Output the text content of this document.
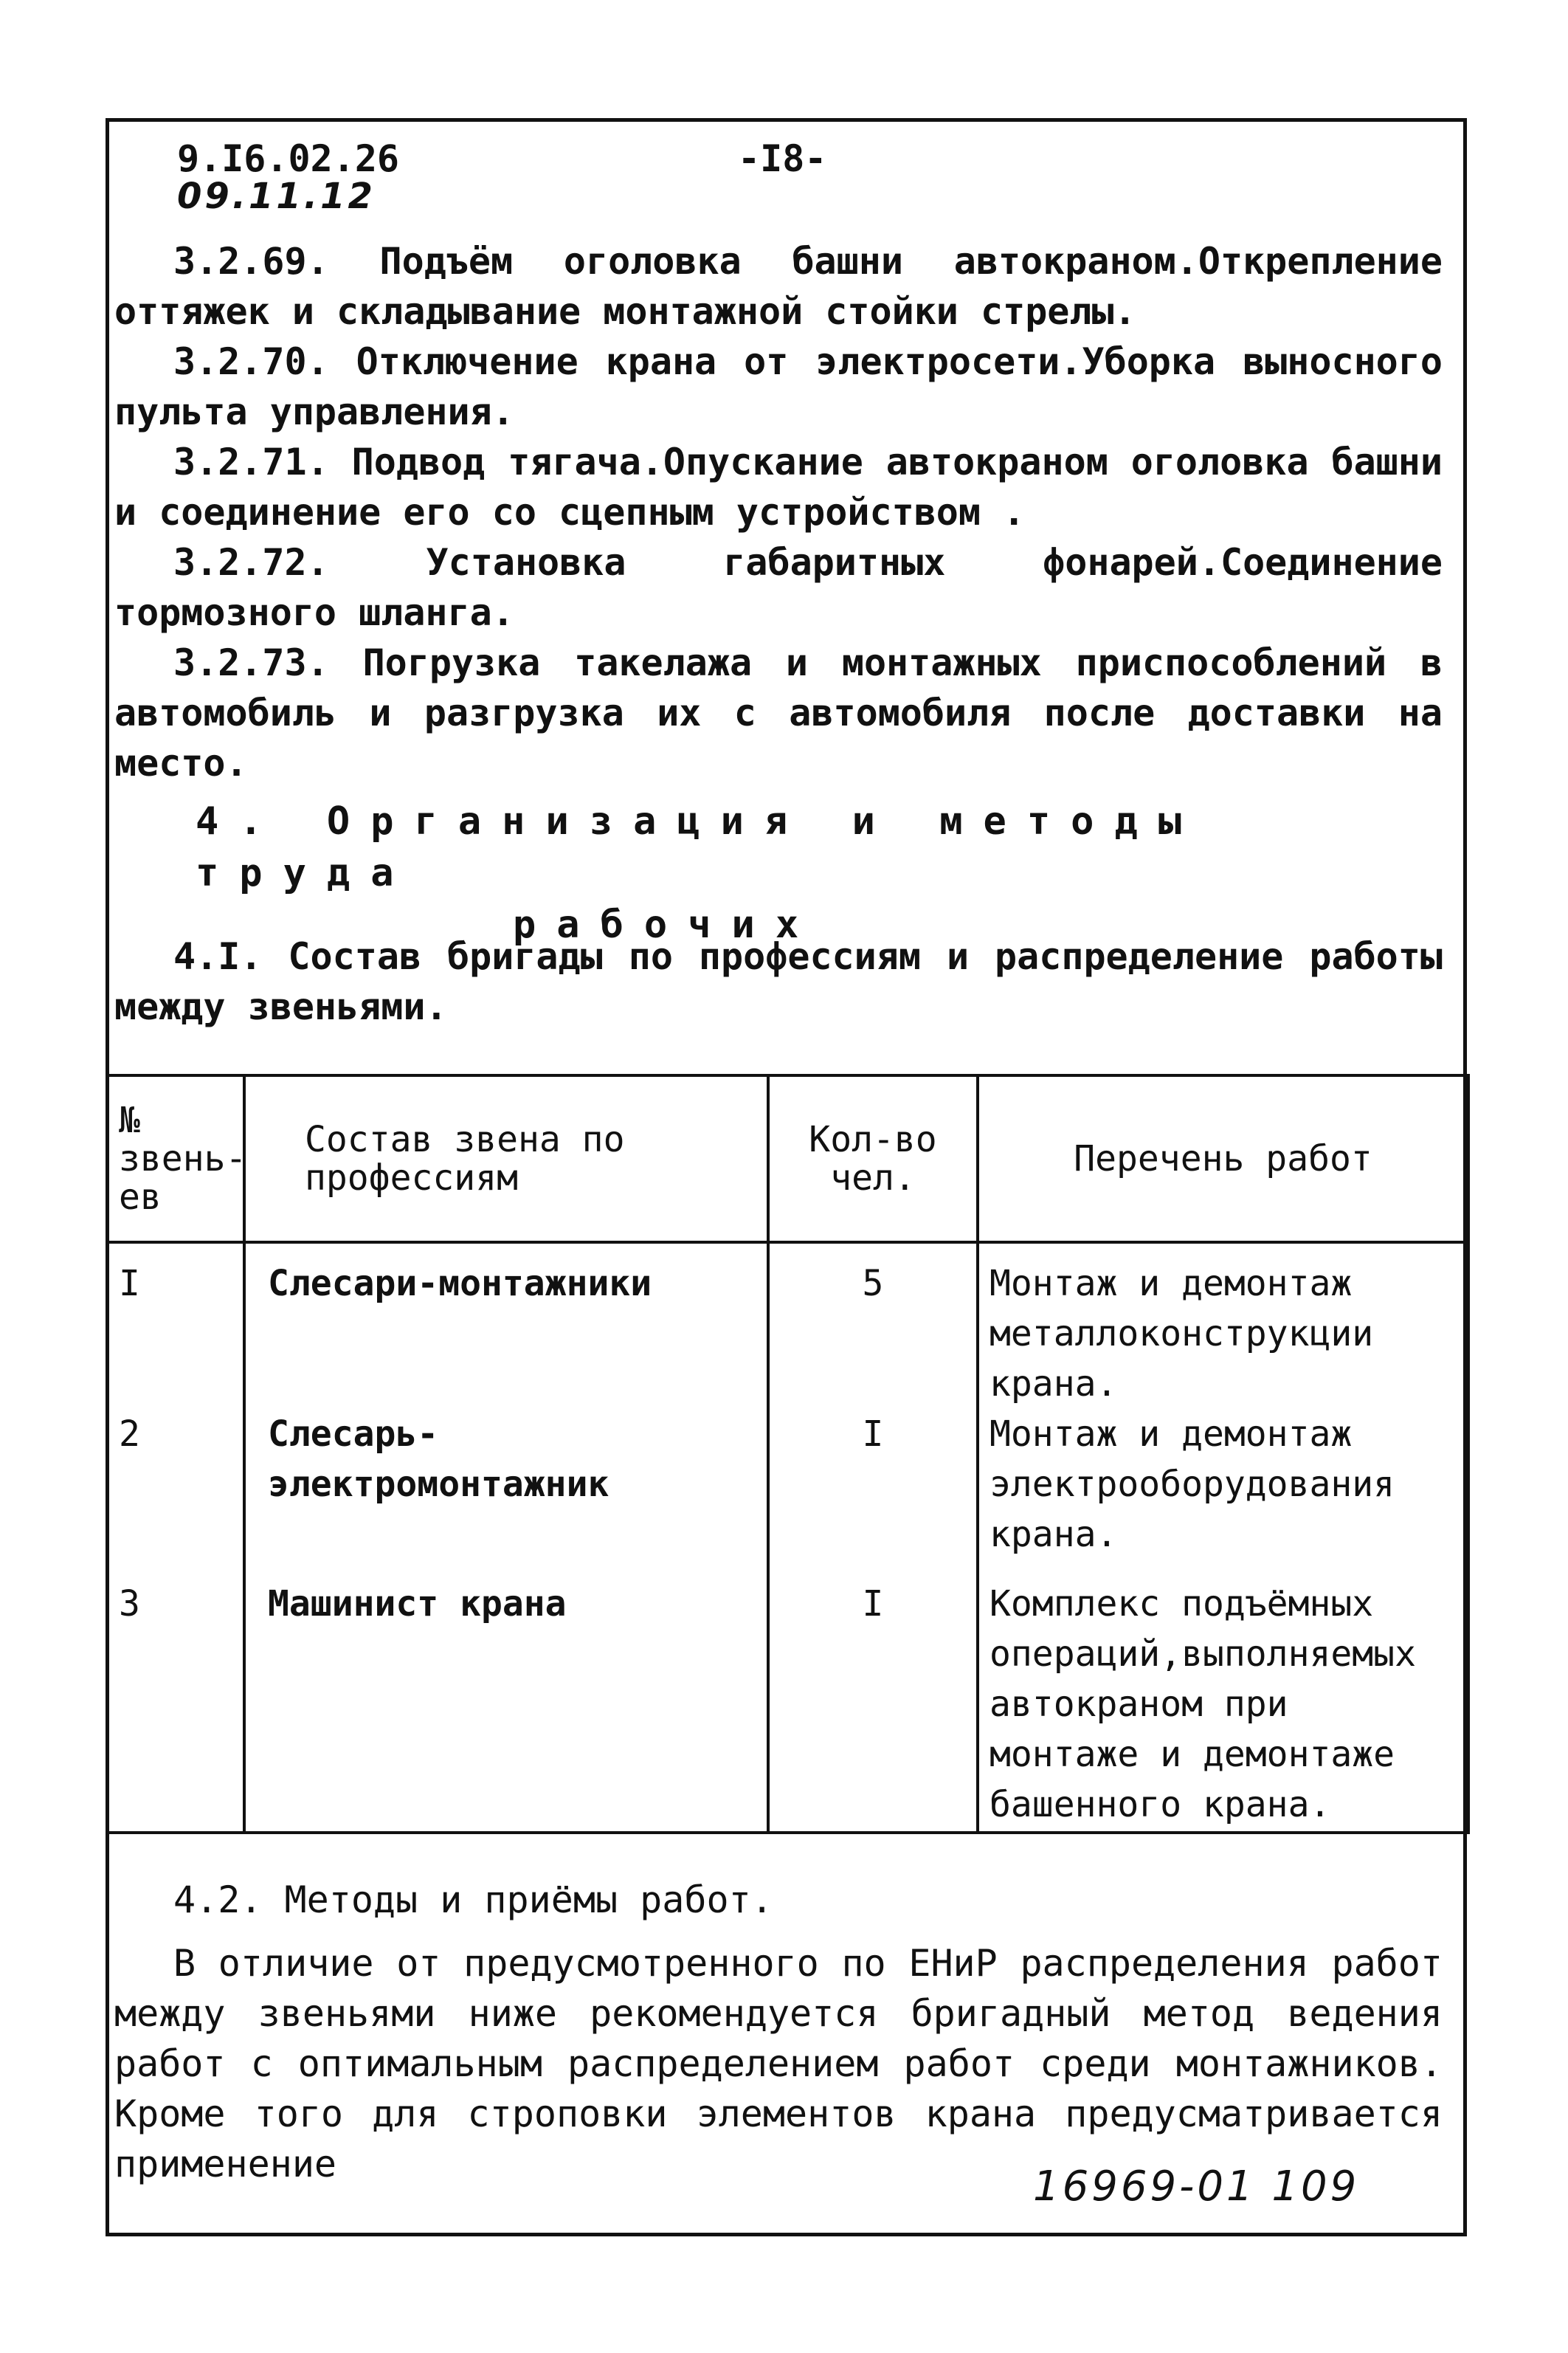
9.I6.02.26	-I8-
09.11.12

3.2.69. Подъём оголовка башни автокраном.Открепление оттяжек и складывание монтажной стойки стрелы.

3.2.70. Отключение крана от электросети.Уборка выносного пульта управления.

3.2.71. Подвод тягача.Опускание автокраном оголовка башни и соединение его со сцепным устройством .

3.2.72. Установка габаритных фонарей.Соединение тормозного шланга.

3.2.73. Погрузка такелажа и монтажных приспособлений в автомобиль и разгрузка их с автомобиля после доставки на место.

4. Организация и методы труда
рабочих

4.I. Состав бригады по профессиям и распределение работы между звеньями.

№ звень-ев	Состав звена по профессиям	Кол-во чел.	Перечень работ
I	Слесари-монтажники	5	Монтаж и демонтаж металлоконструкции крана.
2	Слесарь-электромонтажник	I	Монтаж и демонтаж электрооборудования крана.
3	Машинист крана	I	Комплекс подъёмных операций,выполняемых автокраном при монтаже и демонтаже башенного крана.

4.2. Методы и приёмы работ.

В отличие от предусмотренного по ЕНиР распределения работ между звеньями ниже рекомендуется бригадный метод ведения работ с оптимальным распределением работ среди монтажников. Кроме того для строповки элементов крана предусматривается применение	16969-01 109
